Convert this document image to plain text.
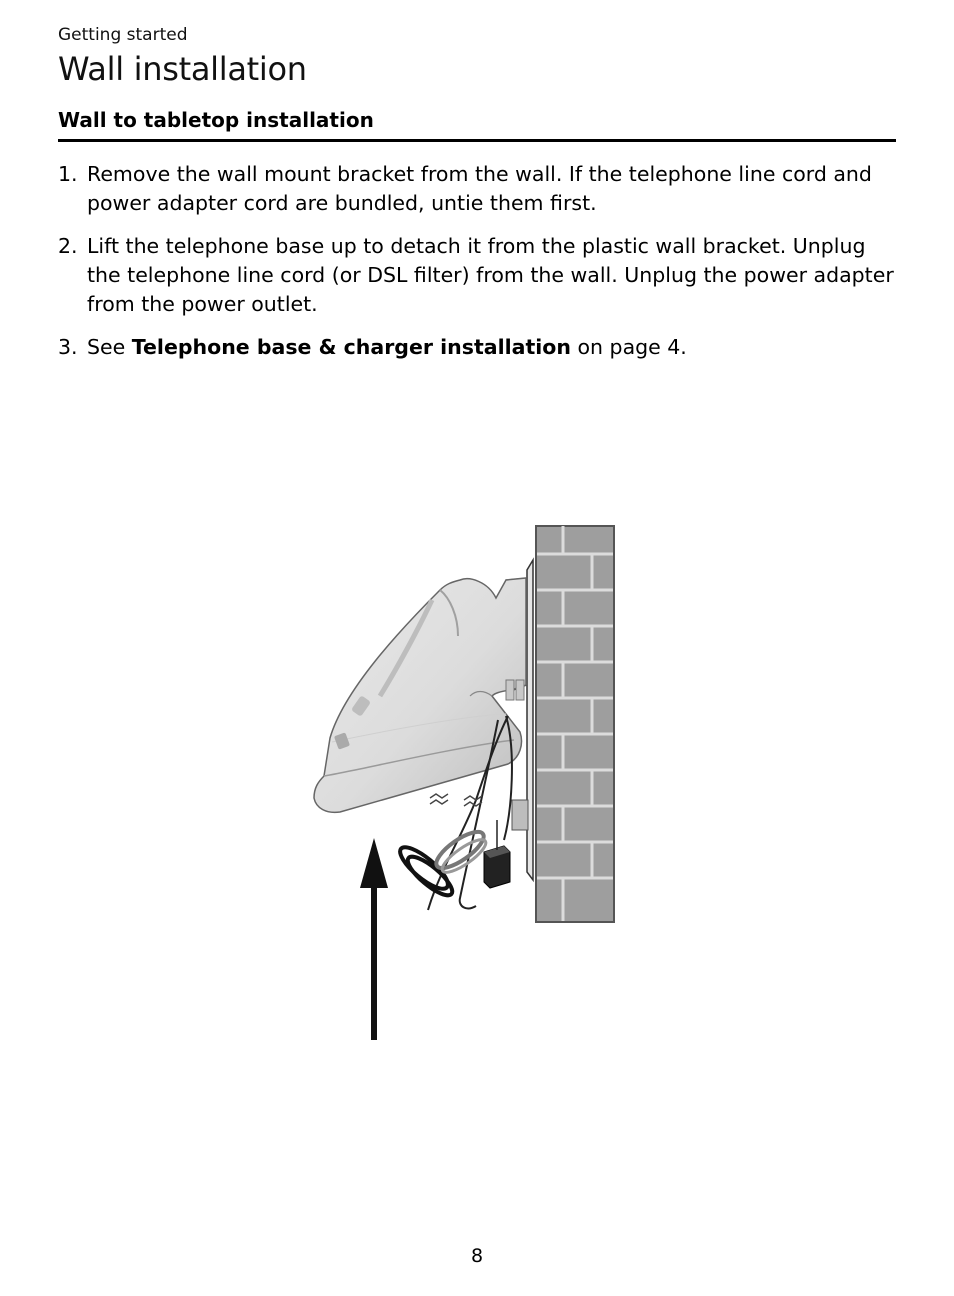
Getting started
Wall installation
Wall to tabletop installation
1. Remove the wall mount bracket from the wall. If the telephone line cord and power adapter cord are bundled, untie them first.
2. Lift the telephone base up to detach it from the plastic wall bracket. Unplug the telephone line cord (or DSL filter) from the wall. Unplug the power adapter from the power outlet.
3. See Telephone base & charger installation on page 4.
8
